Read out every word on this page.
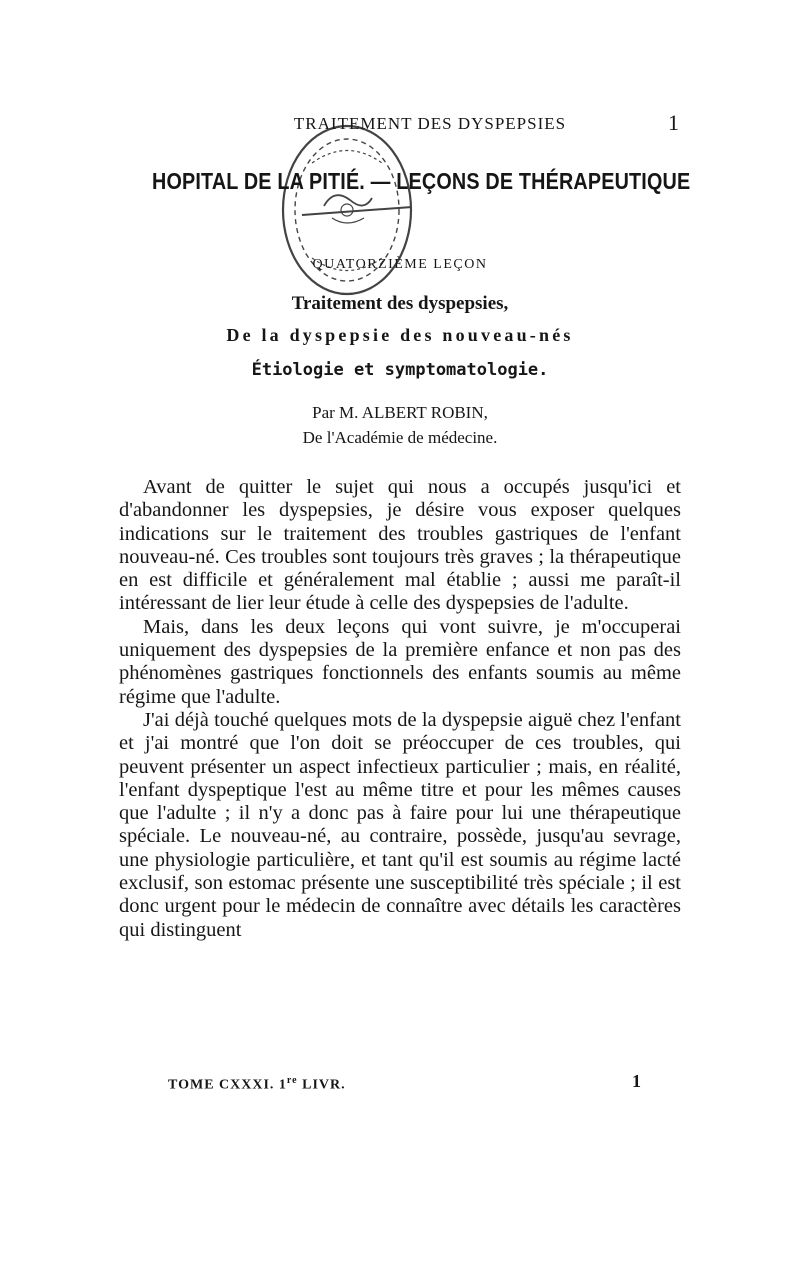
TRAITEMENT DES DYSPEPSIES	1
HOPITAL DE LA PITIÉ. — LEÇONS DE THÉRAPEUTIQUE
QUATORZIÈME LEÇON
Traitement des dyspepsies,
De la dyspepsie des nouveau-nés
Étiologie et symptomatologie.
Par M. ALBERT ROBIN,
De l'Académie de médecine.

Avant de quitter le sujet qui nous a occupés jusqu'ici et d'abandonner les dyspepsies, je désire vous exposer quelques indications sur le traitement des troubles gastriques de l'enfant nouveau-né. Ces troubles sont toujours très graves ; la thérapeutique en est difficile et généralement mal établie ; aussi me paraît-il intéressant de lier leur étude à celle des dyspepsies de l'adulte.

Mais, dans les deux leçons qui vont suivre, je m'occuperai uniquement des dyspepsies de la première enfance et non pas des phénomènes gastriques fonctionnels des enfants soumis au même régime que l'adulte.

J'ai déjà touché quelques mots de la dyspepsie aiguë chez l'enfant et j'ai montré que l'on doit se préoccuper de ces troubles, qui peuvent présenter un aspect infectieux particulier ; mais, en réalité, l'enfant dyspeptique l'est au même titre et pour les mêmes causes que l'adulte ; il n'y a donc pas à faire pour lui une thérapeutique spéciale. Le nouveau-né, au contraire, possède, jusqu'au sevrage, une physiologie particulière, et tant qu'il est soumis au régime lacté exclusif, son estomac présente une susceptibilité très spéciale ; il est donc urgent pour le médecin de connaître avec détails les caractères qui distinguent

TOME CXXXI. 1re LIVR.	1
